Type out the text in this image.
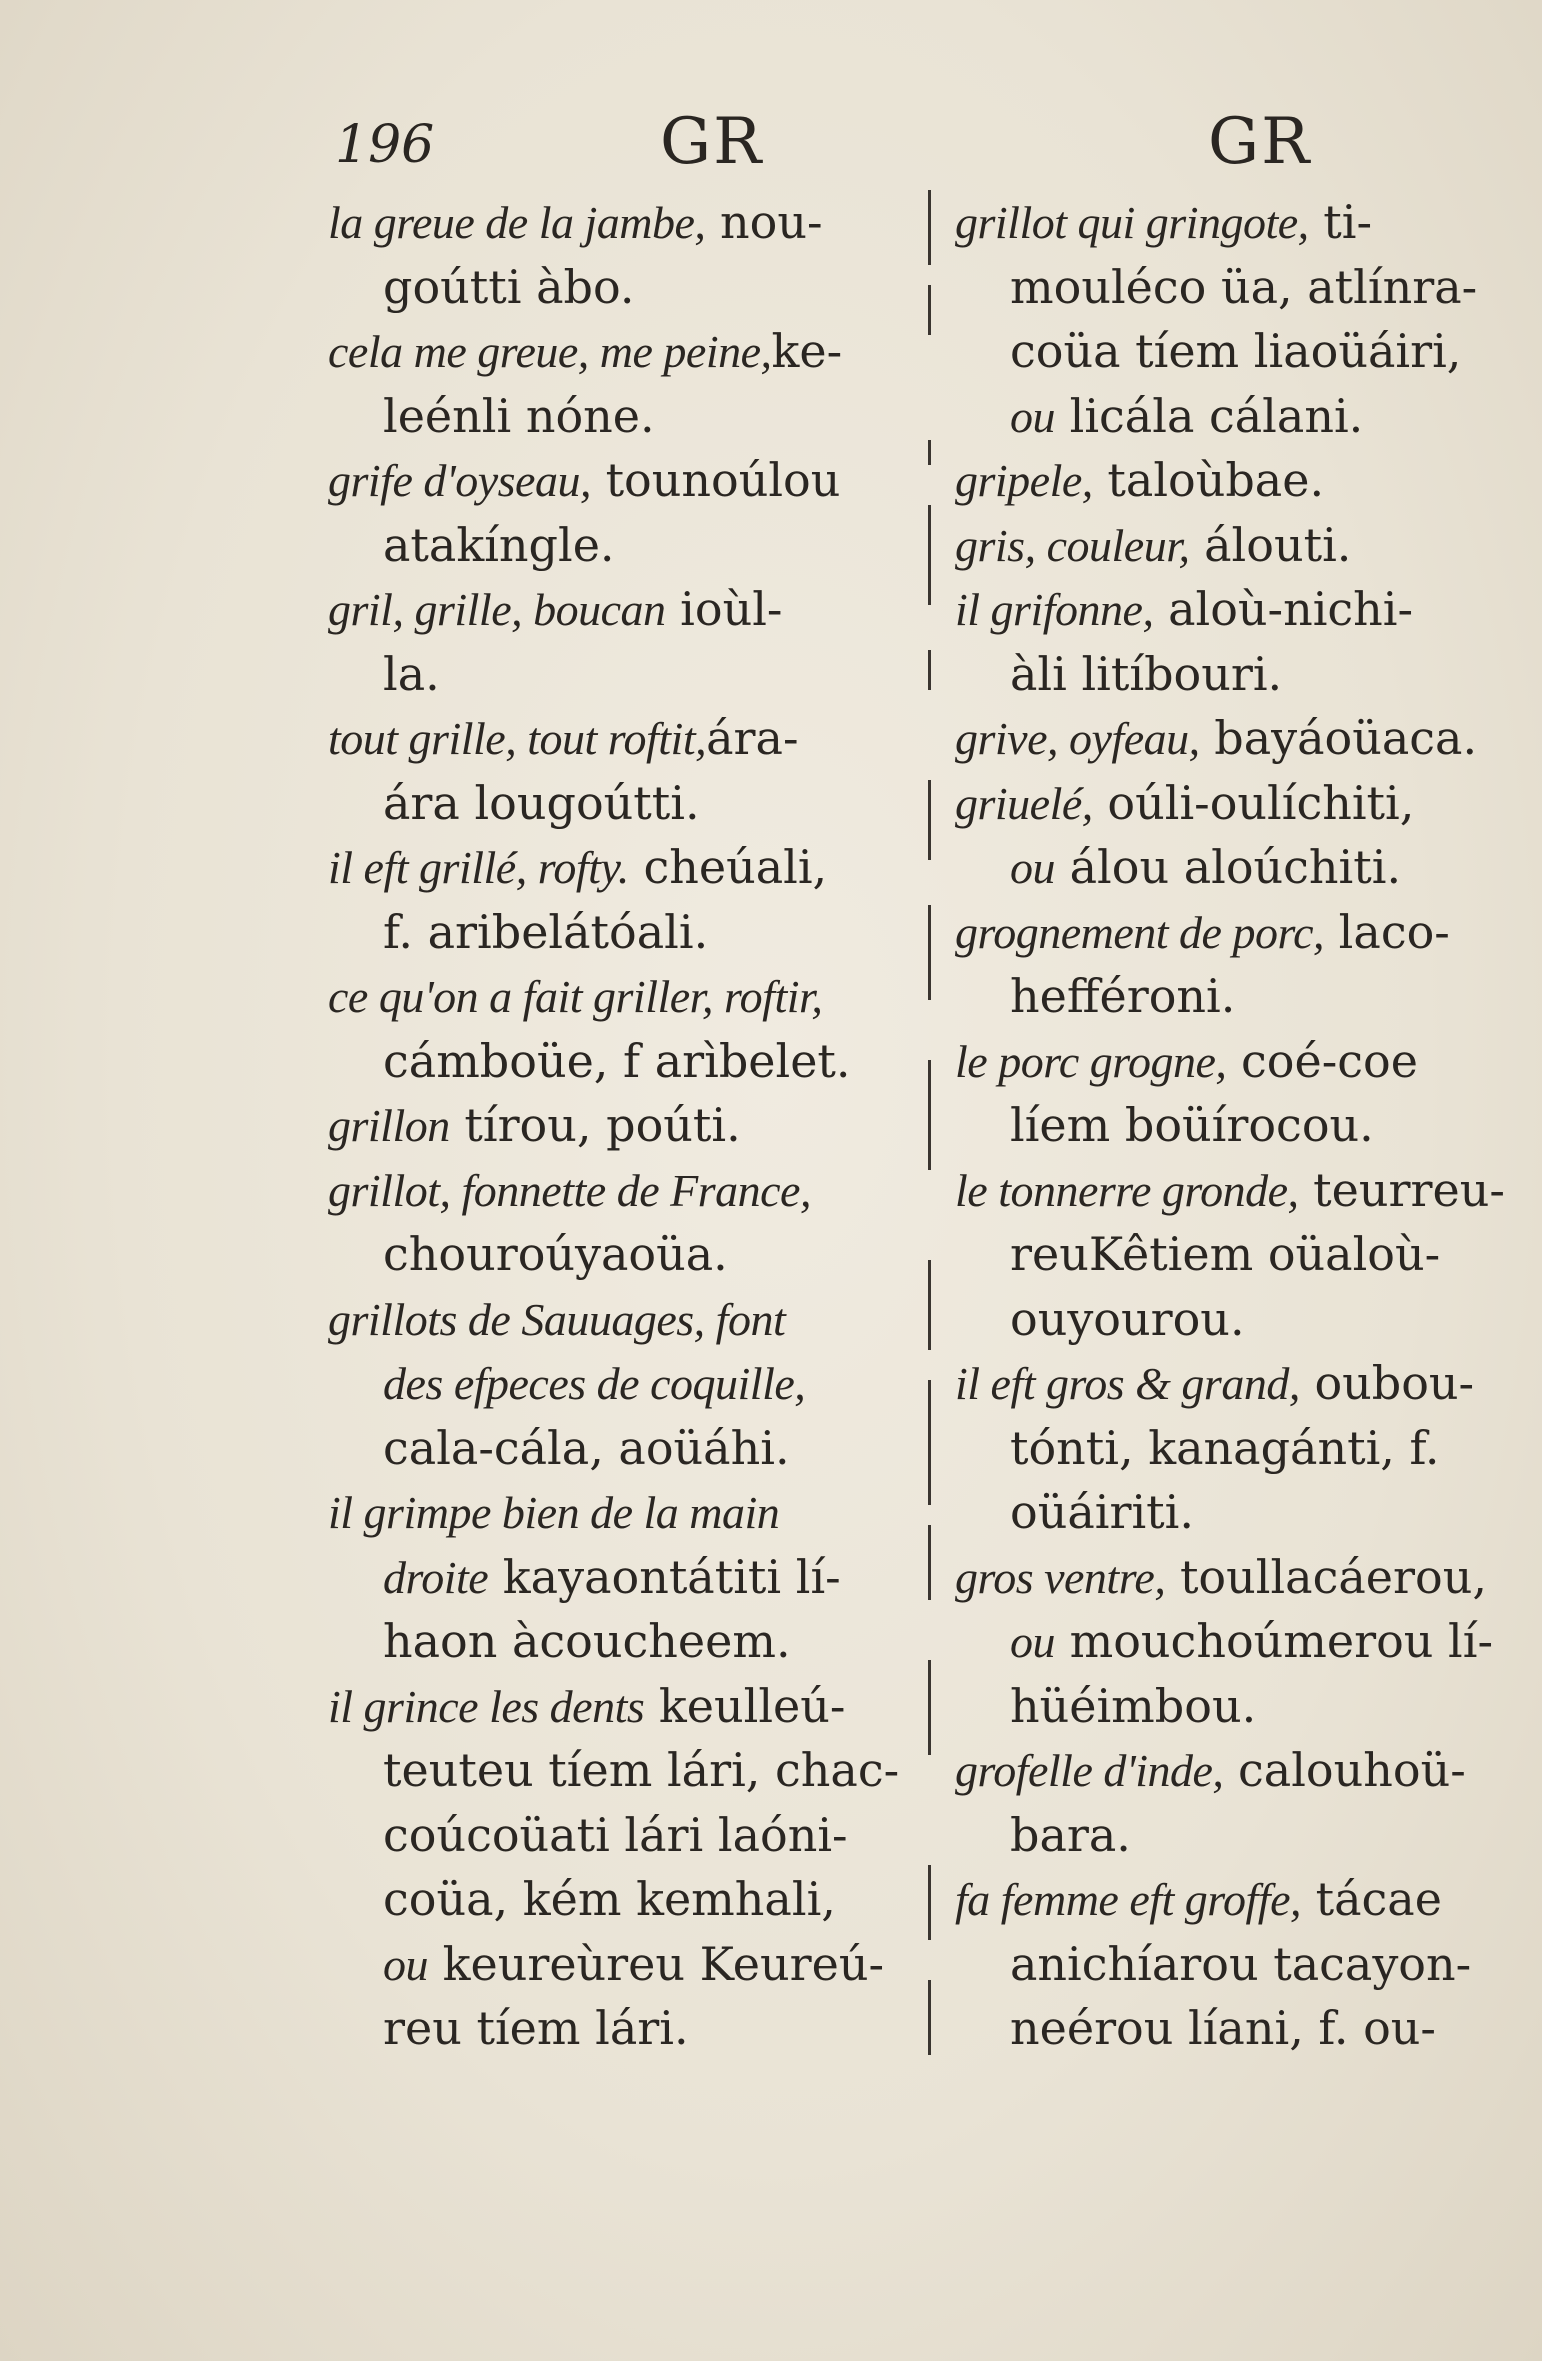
196	GR	GR
la greue de la jambe, nou-
goútti àbo.
cela me greue, me peine,ke-
leénli nóne.
grife d'oyseau, tounoúlou
atakíngle.
gril, grille, boucan ioùl-
la.
tout grille, tout roftit,ára-
ára lougoútti.
il eft grillé, rofty. cheúali,
f. aribelátóali.
ce qu'on a fait griller, roftir,
cámboüe, f arìbelet.
grillon tírou, poúti.
grillot, fonnette de France,
chouroúyaoüa.
grillots de Sauuages, font
des efpeces de coquille,
cala-cála, aoüáhi.
il grimpe bien de la main
droite kayaontátiti lí-
haon àcoucheem.
il grince les dents keulleú-
teuteu tíem lári, chac-
coúcoüati lári laóni-
coüa, kém kemhali,
ou keureùreu Keureú-
reu tíem lári.
grillot qui gringote, ti-
mouléco üa, atlínra-
coüa tíem liaoüáiri,
ou licála cálani.
gripele, taloùbae.
gris, couleur, álouti.
il grifonne, aloù-nichi-
àli litíbouri.
grive, oyfeau, bayáoüaca.
griuelé, oúli-oulíchiti,
ou álou aloúchiti.
grognement de porc, laco-
hefféroni.
le porc grogne, coé-coe
líem boüírocou.
le tonnerre gronde, teurreu-
reuKêtiem oüaloù-
ouyourou.
il eft gros & grand, oubou-
tónti, kanagánti, f.
oüáiriti.
gros ventre, toullacáerou,
ou mouchoúmerou lí-
hüéimbou.
grofelle d'inde, calouhoü-
bara.
fa femme eft groffe, tácae
anichíarou tacayon-
neérou líani, f. ou-
